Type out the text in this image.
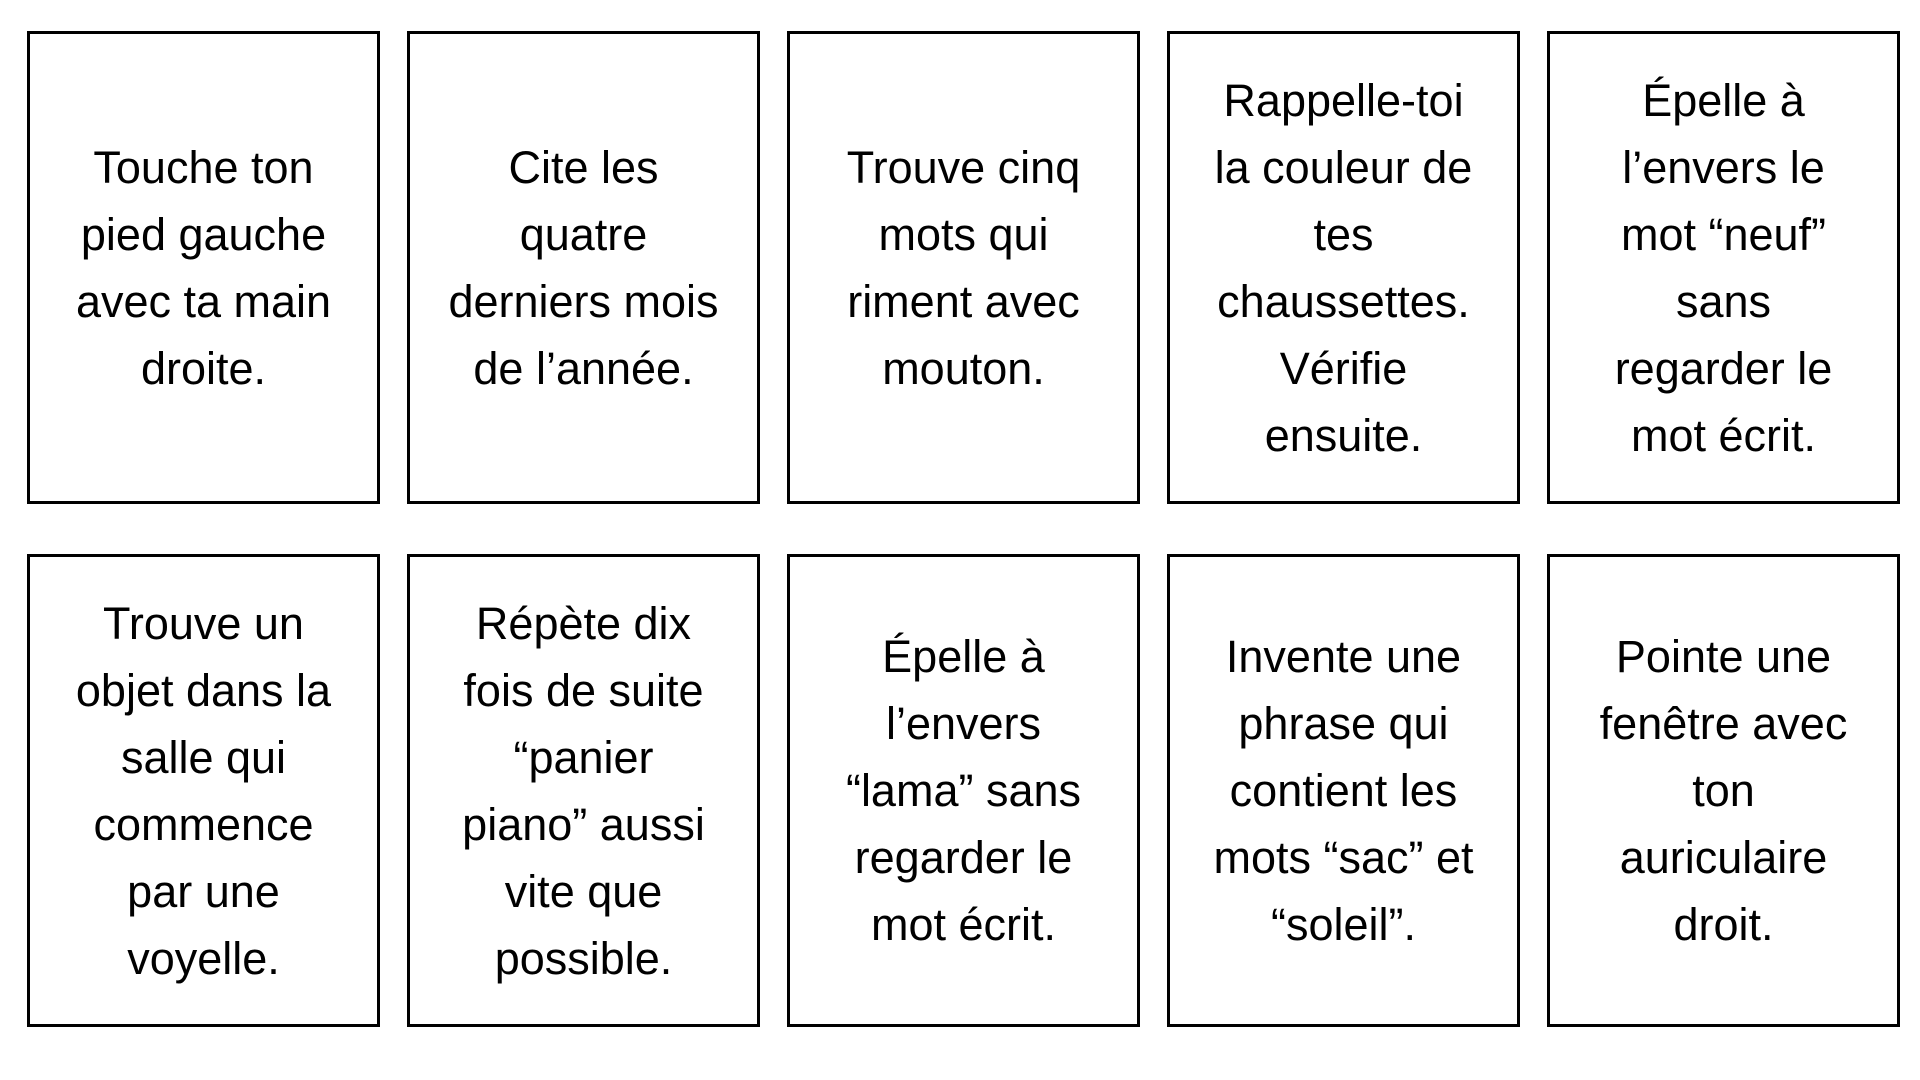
Touche ton
pied gauche
avec ta main
droite.
Cite les
quatre
derniers mois
de l’année.
Trouve cinq
mots qui
riment avec
mouton.
Rappelle-toi
la couleur de
tes
chaussettes.
Vérifie
ensuite.
Épelle à
l’envers le
mot “neuf”
sans
regarder le
mot écrit.
Trouve un
objet dans la
salle qui
commence
par une
voyelle.
Répète dix
fois de suite
“panier
piano” aussi
vite que
possible.
Épelle à
l’envers
“lama” sans
regarder le
mot écrit.
Invente une
phrase qui
contient les
mots “sac” et
“soleil”.
Pointe une
fenêtre avec
ton
auriculaire
droit.
